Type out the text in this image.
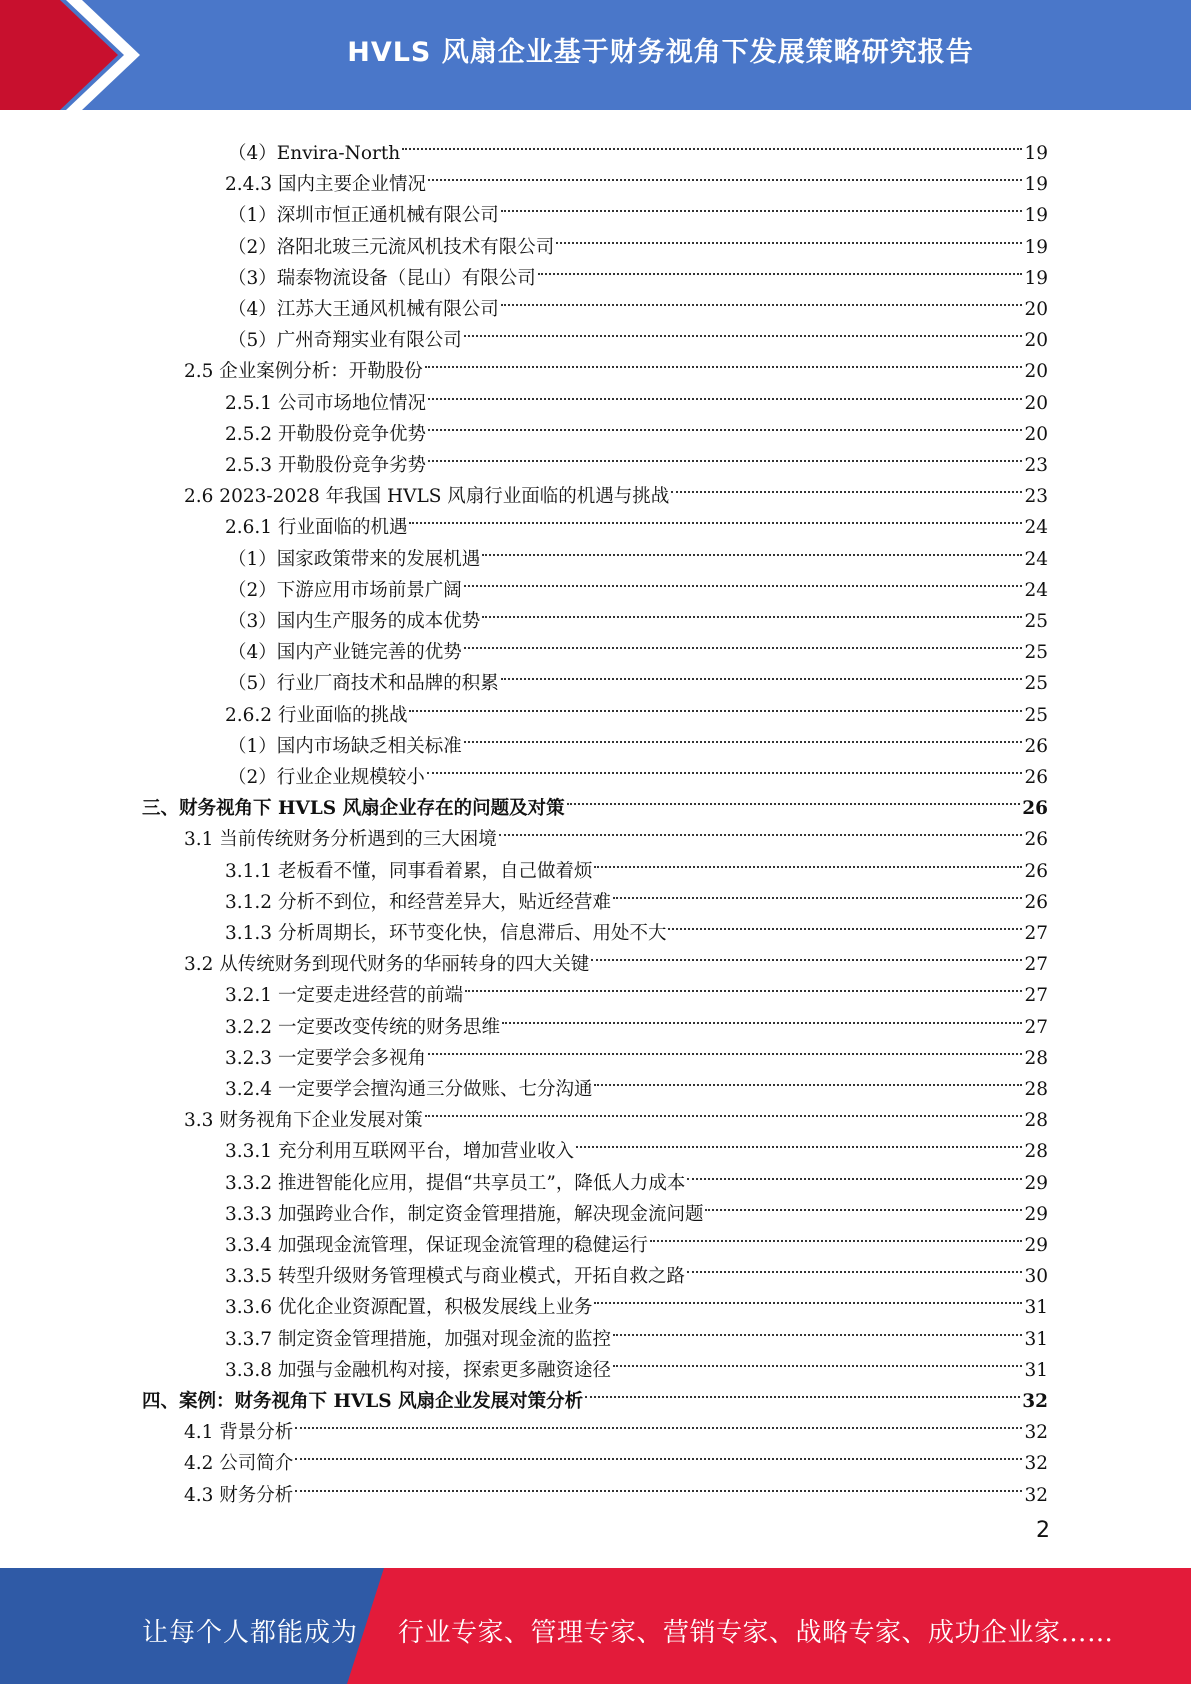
HVLS 风扇企业基于财务视角下发展策略研究报告
（4）Envira-North	19
2.4.3 国内主要企业情况	19
（1）深圳市恒正通机械有限公司	19
（2）洛阳北玻三元流风机技术有限公司	19
（3）瑞泰物流设备（昆山）有限公司	19
（4）江苏大王通风机械有限公司	20
（5）广州奇翔实业有限公司	20
2.5 企业案例分析：开勒股份	20
2.5.1 公司市场地位情况	20
2.5.2 开勒股份竞争优势	20
2.5.3 开勒股份竞争劣势	23
2.6 2023-2028 年我国 HVLS 风扇行业面临的机遇与挑战	23
2.6.1 行业面临的机遇	24
（1）国家政策带来的发展机遇	24
（2）下游应用市场前景广阔	24
（3）国内生产服务的成本优势	25
（4）国内产业链完善的优势	25
（5）行业厂商技术和品牌的积累	25
2.6.2 行业面临的挑战	25
（1）国内市场缺乏相关标准	26
（2）行业企业规模较小	26
三、财务视角下 HVLS 风扇企业存在的问题及对策	26
3.1 当前传统财务分析遇到的三大困境	26
3.1.1 老板看不懂，同事看着累，自己做着烦	26
3.1.2 分析不到位，和经营差异大，贴近经营难	26
3.1.3 分析周期长，环节变化快，信息滞后、用处不大	27
3.2 从传统财务到现代财务的华丽转身的四大关键	27
3.2.1 一定要走进经营的前端	27
3.2.2 一定要改变传统的财务思维	27
3.2.3 一定要学会多视角	28
3.2.4 一定要学会擅沟通三分做账、七分沟通	28
3.3 财务视角下企业发展对策	28
3.3.1 充分利用互联网平台，增加营业收入	28
3.3.2 推进智能化应用，提倡“共享员工”，降低人力成本	29
3.3.3 加强跨业合作，制定资金管理措施，解决现金流问题	29
3.3.4 加强现金流管理，保证现金流管理的稳健运行	29
3.3.5 转型升级财务管理模式与商业模式，开拓自救之路	30
3.3.6 优化企业资源配置，积极发展线上业务	31
3.3.7 制定资金管理措施，加强对现金流的监控	31
3.3.8 加强与金融机构对接，探索更多融资途径	31
四、案例：财务视角下 HVLS 风扇企业发展对策分析	32
4.1 背景分析	32
4.2 公司简介	32
4.3 财务分析	32
2
让每个人都能成为 行业专家、管理专家、营销专家、战略专家、成功企业家……
